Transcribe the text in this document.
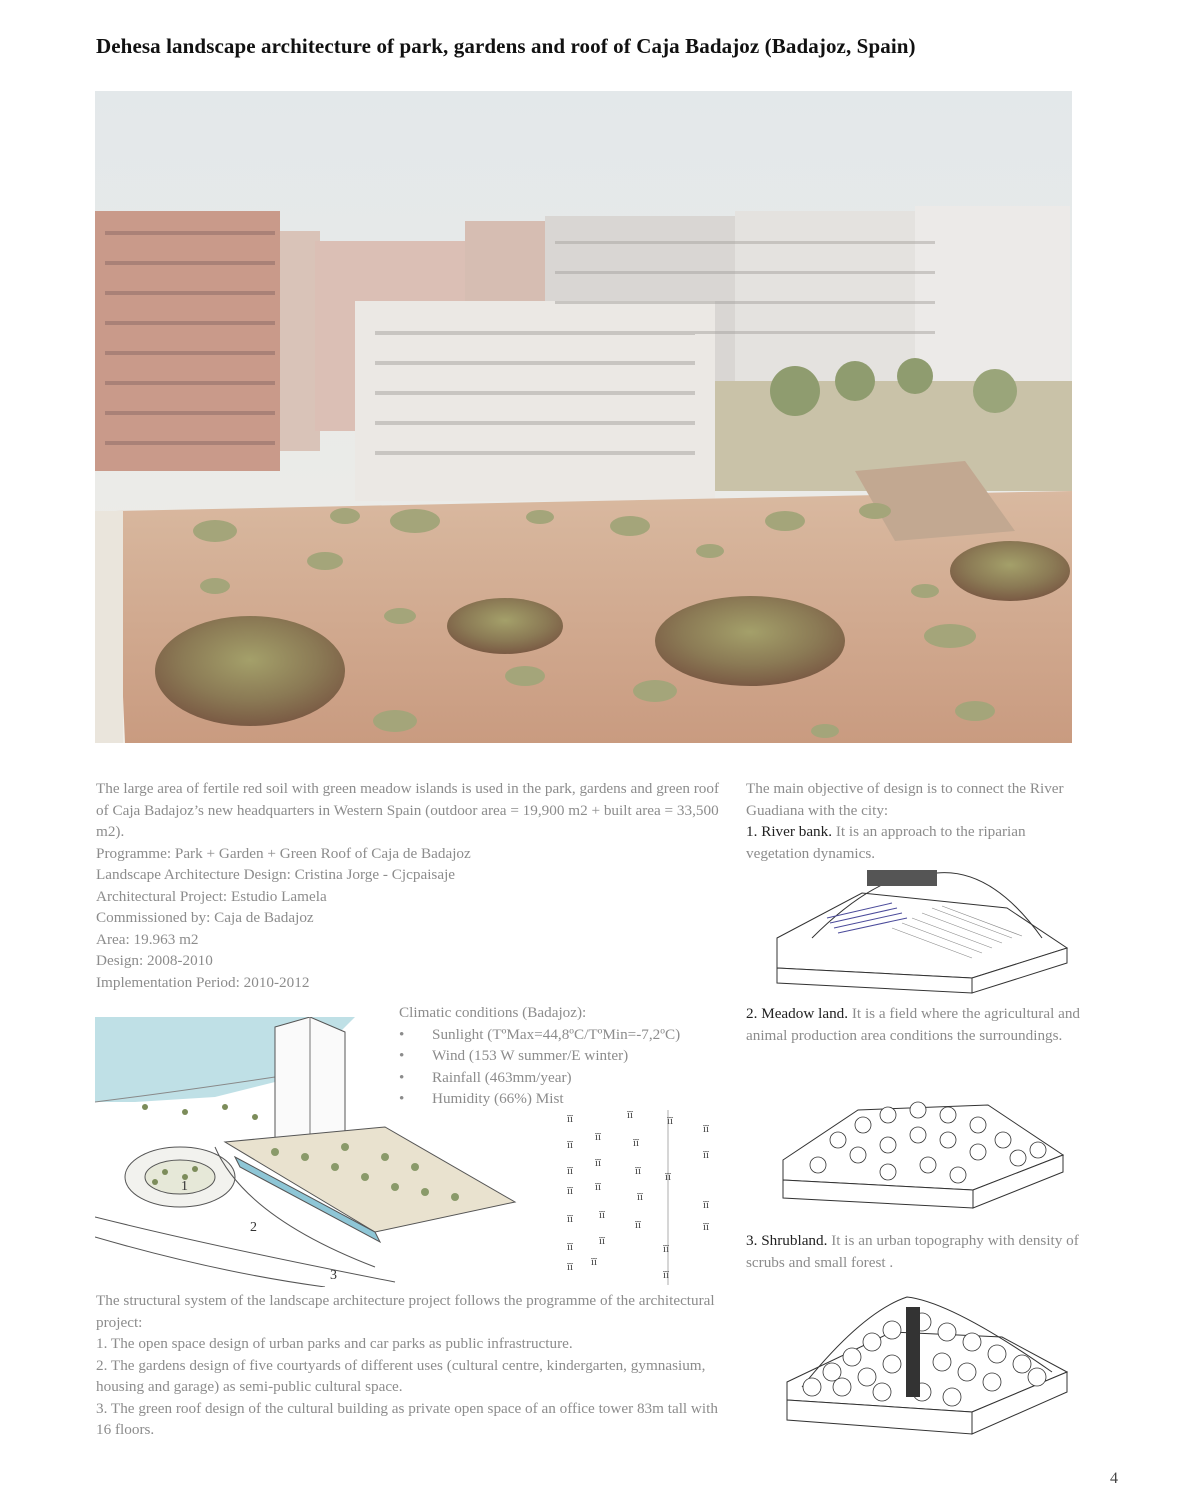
Dehesa landscape architecture of park, gardens and roof of Caja Badajoz (Badajoz, Spain)

The large area of fertile red soil with green meadow islands is used in the park, gardens and green roof of Caja Badajoz’s new headquarters in Western Spain (outdoor area = 19,900 m2 + built area = 33,500 m2).

Programme: Park + Garden + Green Roof of Caja de Badajoz

Landscape Architecture Design: Cristina Jorge - Cjcpaisaje

Architectural Project: Estudio Lamela

Commissioned by: Caja de Badajoz

Area: 19.963 m2

Design: 2008-2010

Implementation Period: 2010-2012

Climatic conditions (Badajoz):
• Sunlight (TºMax=44,8ºC/TºMin=-7,2ºC)
• Wind (153 W summer/E winter)
• Rainfall (463mm/year)
• Humidity (66%) Mist
1
2
3
ĭĭ	ĭĭ	ĭĭ
ĭĭ
ĭĭ
ĭĭ	ĭĭ
ĭĭ
ĭĭ
ĭĭ
ĭĭ ĭĭ
ĭĭ ĭĭ
ĭĭ
ĭĭ
ĭĭ ĭĭ
ĭĭ	ĭĭ
ĭĭ ĭĭ
ĭĭ
ĭĭ ĭĭ
ĭĭ

The structural system of the landscape architecture project follows the programme of the architectural project:

1. The open space design of urban parks and car parks as public infrastructure.

2. The gardens design of five courtyards of different uses (cultural centre, kindergarten, gymnasium, housing and garage) as semi-public cultural space.

3. The green roof design of the cultural building as private open space of an office tower 83m tall with 16 floors.

The main objective of design is to connect the River Guadiana with the city:

1. River bank. It is an approach to the riparian vegetation dynamics.

2. Meadow land. It is a field where the agricultural and animal production area conditions the surroundings.
3. Shrubland. It is an urban topography with density of scrubs and small forest .
4
